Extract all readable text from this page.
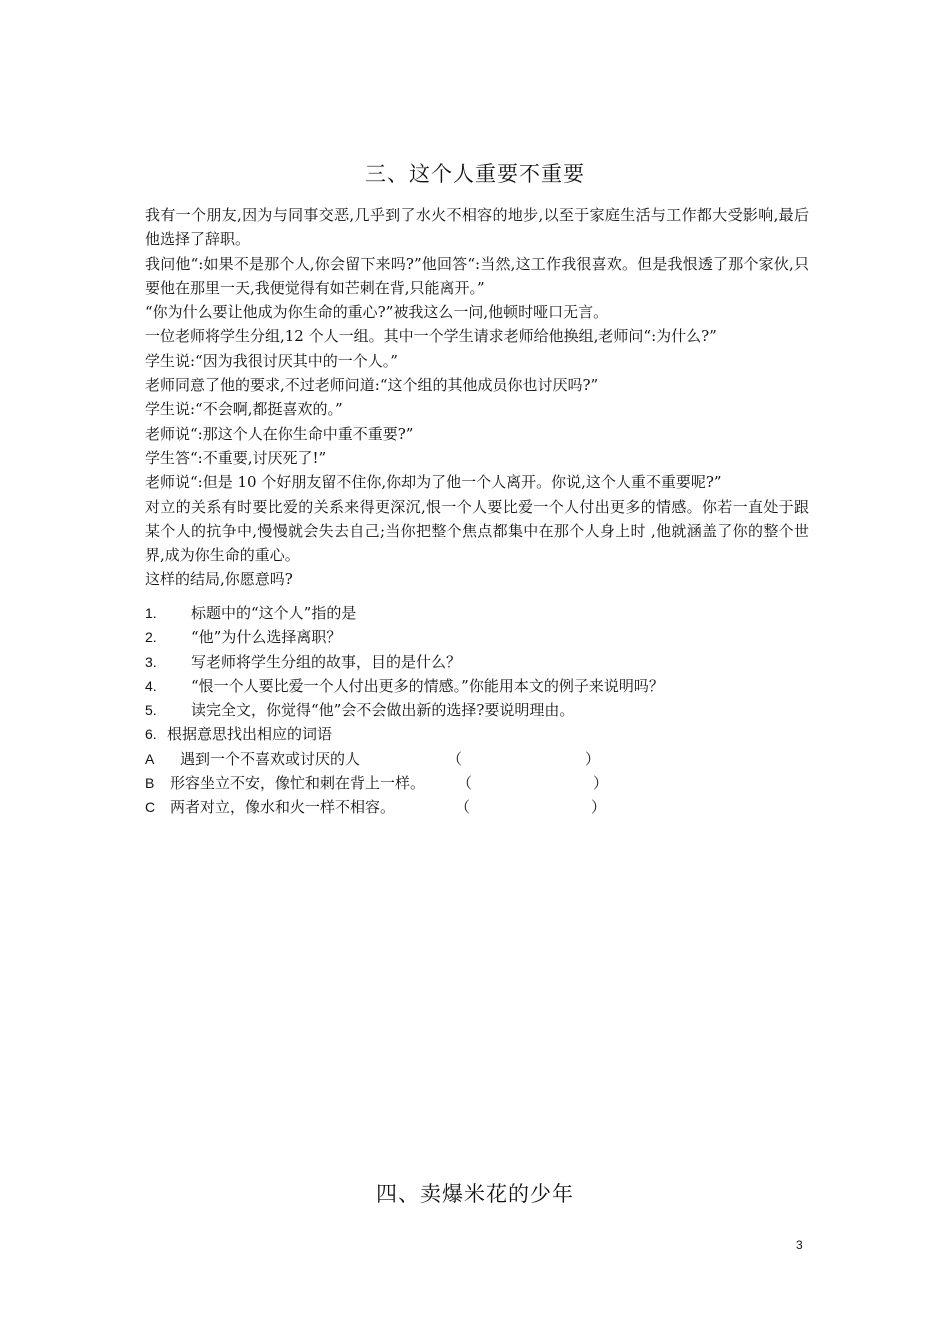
三、这个人重要不重要

我有一个朋友,因为与同事交恶,几乎到了水火不相容的地步,以至于家庭生活与工作都大受影响,最后他选择了辞职。

我问他“:如果不是那个人,你会留下来吗?”他回答“:当然,这工作我很喜欢。但是我恨透了那个家伙,只要他在那里一天,我便觉得有如芒刺在背,只能离开。”

“你为什么要让他成为你生命的重心?”被我这么一问,他顿时哑口无言。

一位老师将学生分组,12 个人一组。其中一个学生请求老师给他换组,老师问“:为什么?”

学生说:“因为我很讨厌其中的一个人。”

老师同意了他的要求,不过老师问道:“这个组的其他成员你也讨厌吗?”

学生说:“不会啊,都挺喜欢的。”

老师说“:那这个人在你生命中重不重要?”

学生答“:不重要,讨厌死了!”

老师说“:但是 10 个好朋友留不住你,你却为了他一个人离开。你说,这个人重不重要呢?”

对立的关系有时要比爱的关系来得更深沉,恨一个人要比爱一个人付出更多的情感。你若一直处于跟某个人的抗争中,慢慢就会失去自己;当你把整个焦点都集中在那个人身上时 ,他就涵盖了你的整个世界,成为你生命的重心。

这样的结局,你愿意吗?

1. 标题中的“这个人”指的是
2. “他”为什么选择离职？
3. 写老师将学生分组的故事，目的是什么？
4. “恨一个人要比爱一个人付出更多的情感。”你能用本文的例子来说明吗？
5. 读完全文，你觉得“他”会不会做出新的选择?要说明理由。
6. 根据意思找出相应的词语
A 遇到一个不喜欢或讨厌的人	（	）
B 形容坐立不安，像忙和刺在背上一样。 （	）
C 两者对立，像水和火一样不相容。	（	）
四、卖爆米花的少年
3
